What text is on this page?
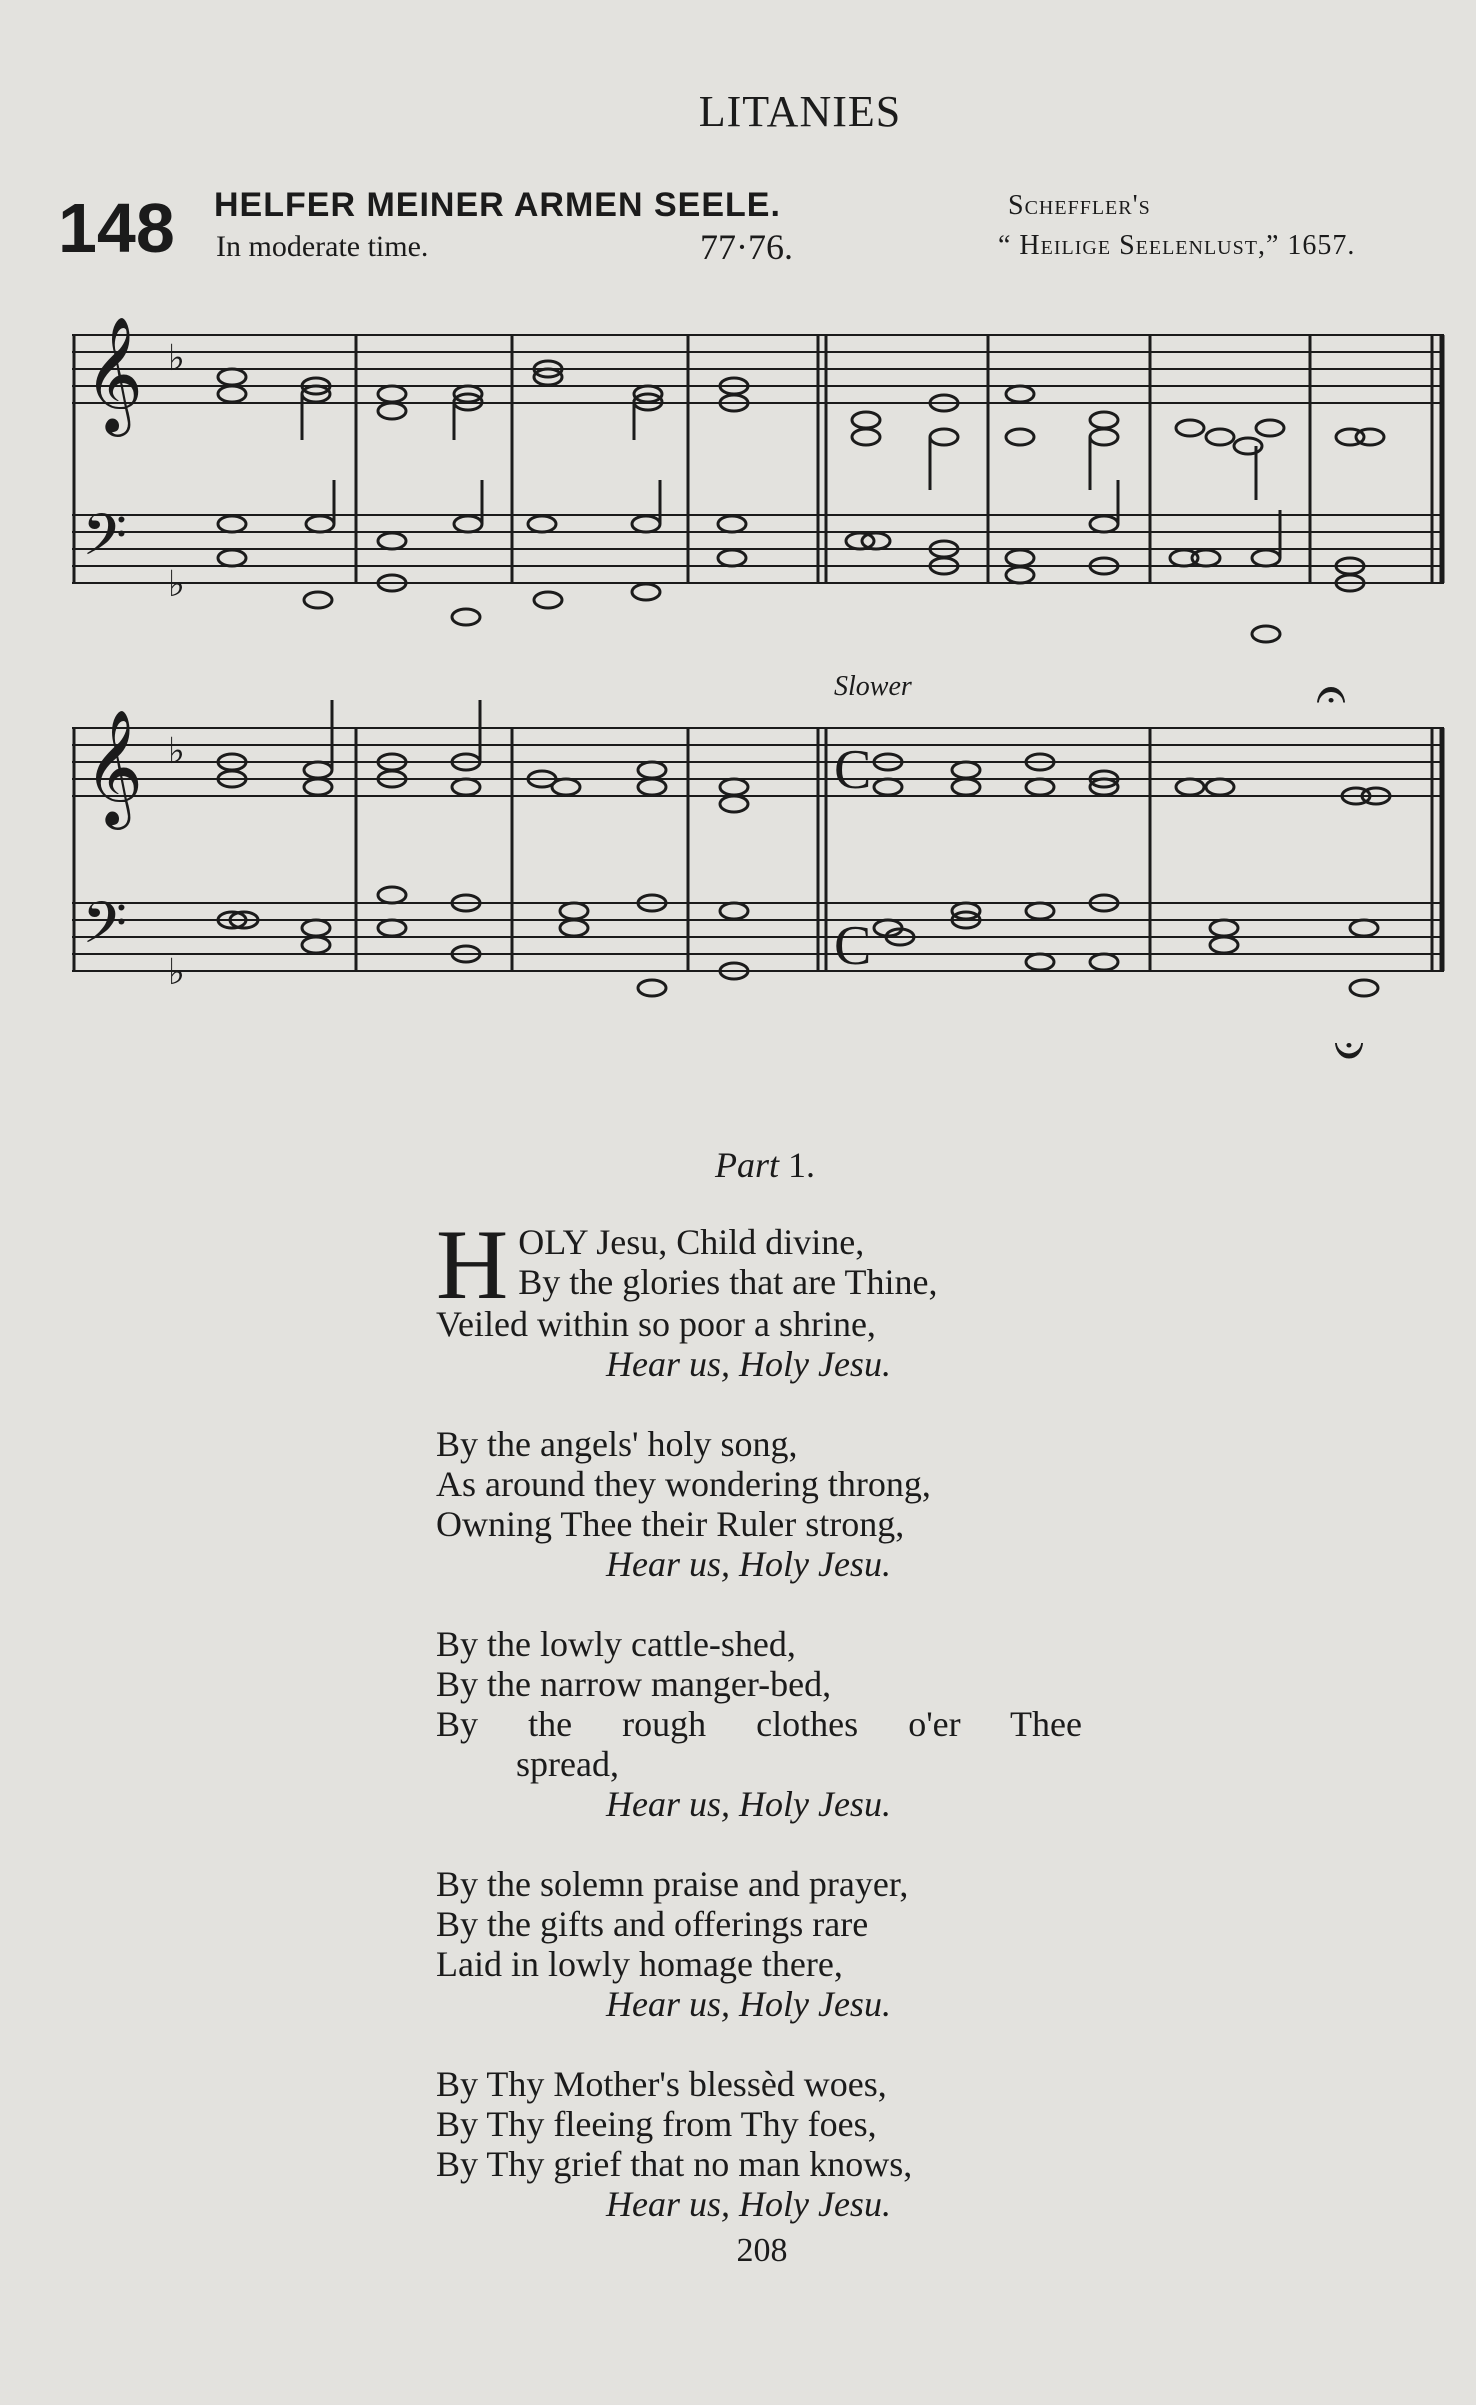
LITANIES
148 HELFER MEINER ARMEN SEELE.
In moderate time.	77·76.
Scheffler's
“ Heilige Seelenlust,” 1657.
𝄞
𝄢
♭
♭
Slower
𝄞
𝄢
♭
♭
C
C
𝄐
𝄑
Part 1.
H OLY Jesu, Child divine,
By the glories that are Thine,
Veiled within so poor a shrine,
Hear us, Holy Jesu.
By the angels' holy song,
As around they wondering throng,
Owning Thee their Ruler strong,
Hear us, Holy Jesu.
By the lowly cattle-shed,
By the narrow manger-bed,
By the rough clothes o'er Thee
spread,
Hear us, Holy Jesu.
By the solemn praise and prayer,
By the gifts and offerings rare
Laid in lowly homage there,
Hear us, Holy Jesu.
By Thy Mother's blessèd woes,
By Thy fleeing from Thy foes,
By Thy grief that no man knows,
Hear us, Holy Jesu.
208
